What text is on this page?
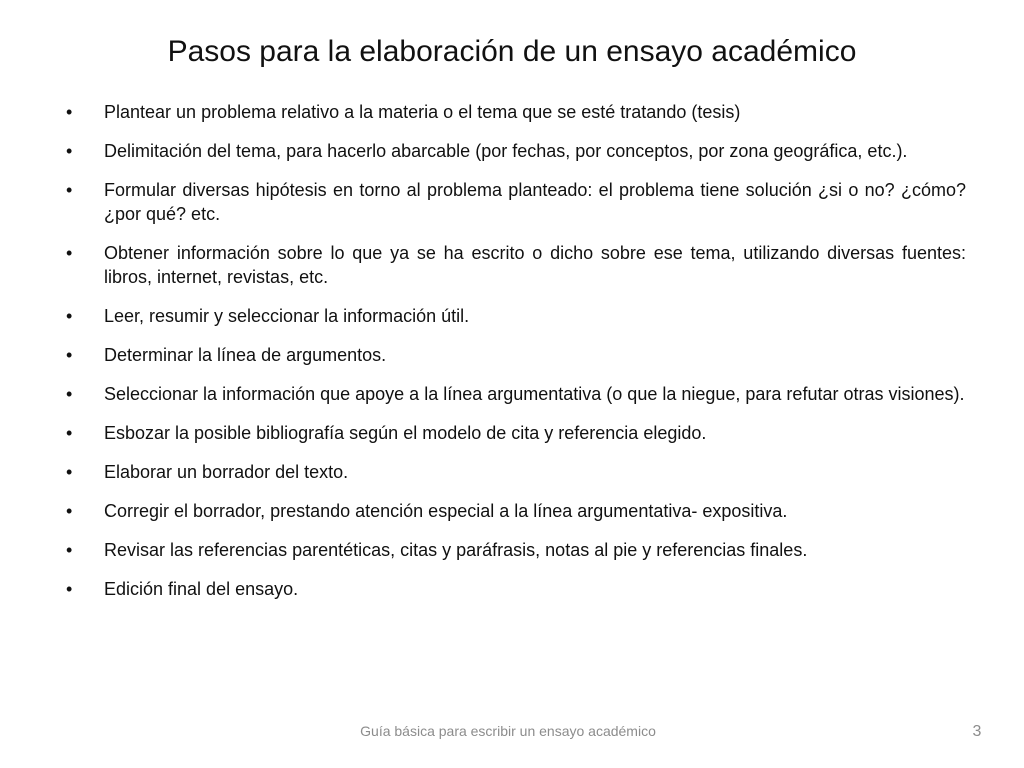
Pasos para la elaboración de un ensayo académico
•	Plantear un problema relativo a la materia o el tema que se esté tratando (tesis)
•	Delimitación del tema, para hacerlo abarcable (por fechas, por conceptos, por zona geográfica, etc.).
•	Formular diversas hipótesis en torno al problema planteado: el problema tiene solución ¿si o no? ¿cómo? ¿por qué? etc.
•	Obtener información sobre lo que ya se ha escrito o dicho sobre ese tema, utilizando diversas fuentes: libros, internet, revistas, etc.
•	Leer, resumir y seleccionar la información útil.
•	Determinar la línea de argumentos.
•	Seleccionar la información que apoye a la línea argumentativa (o que la niegue, para refutar otras visiones).
•	Esbozar la posible bibliografía según el modelo de cita y referencia elegido.
•	Elaborar un borrador del texto.
•	Corregir el borrador, prestando atención especial a la línea argumentativa- expositiva.
•	Revisar las referencias parentéticas, citas y paráfrasis, notas al pie y referencias finales.
•	Edición final del ensayo.
Guía básica para escribir un ensayo académico	3
